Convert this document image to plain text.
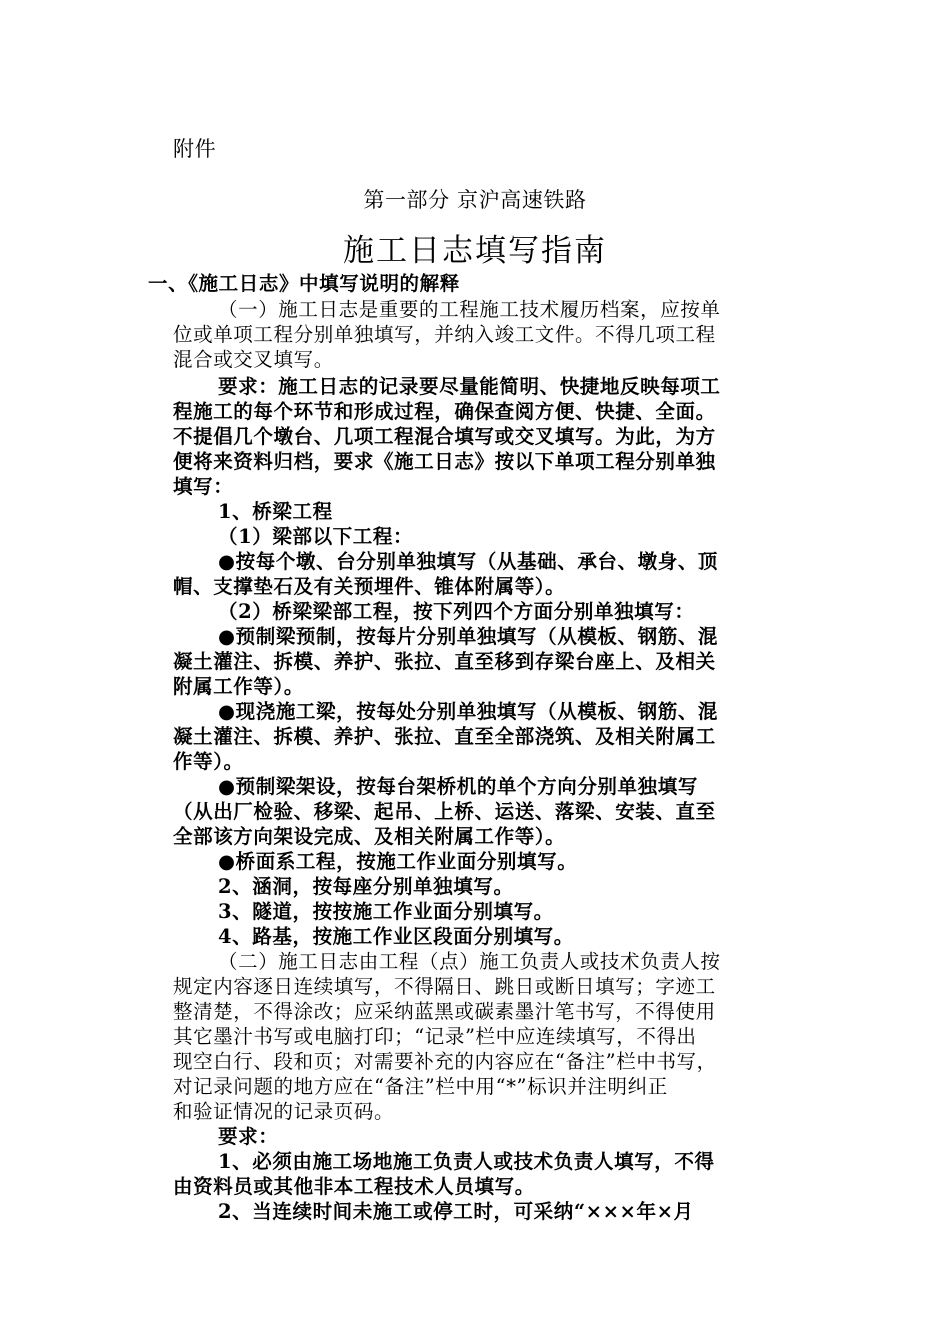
附件
第一部分 京沪高速铁路
施工日志填写指南
一、《施工日志》中填写说明的解释
（一）施工日志是重要的工程施工技术履历档案，应按单
位或单项工程分别单独填写，并纳入竣工文件。不得几项工程
混合或交叉填写。
要求：施工日志的记录要尽量能简明、快捷地反映每项工
程施工的每个环节和形成过程，确保查阅方便、快捷、全面。
不提倡几个墩台、几项工程混合填写或交叉填写。为此，为方
便将来资料归档，要求《施工日志》按以下单项工程分别单独
填写：
1、桥梁工程
（1）梁部以下工程：
●按每个墩、台分别单独填写（从基础、承台、墩身、顶
帽、支撑垫石及有关预埋件、锥体附属等）。
（2）桥梁梁部工程，按下列四个方面分别单独填写：
●预制梁预制，按每片分别单独填写（从模板、钢筋、混
凝土灌注、拆模、养护、张拉、直至移到存梁台座上、及相关
附属工作等）。
●现浇施工梁，按每处分别单独填写（从模板、钢筋、混
凝土灌注、拆模、养护、张拉、直至全部浇筑、及相关附属工
作等）。
●预制梁架设，按每台架桥机的单个方向分别单独填写
（从出厂检验、移梁、起吊、上桥、运送、落梁、安装、直至
全部该方向架设完成、及相关附属工作等）。
●桥面系工程，按施工作业面分别填写。
2、涵洞，按每座分别单独填写。
3、隧道，按按施工作业面分别填写。
4、路基，按施工作业区段面分别填写。
（二）施工日志由工程（点）施工负责人或技术负责人按
规定内容逐日连续填写，不得隔日、跳日或断日填写；字迹工
整清楚，不得涂改；应采纳蓝黑或碳素墨汁笔书写，不得使用
其它墨汁书写或电脑打印；“记录”栏中应连续填写，不得出
现空白行、段和页；对需要补充的内容应在“备注”栏中书写，
对记录问题的地方应在“备注”栏中用“*”标识并注明纠正
和验证情况的记录页码。
要求：
1、必须由施工场地施工负责人或技术负责人填写，不得
由资料员或其他非本工程技术人员填写。
2、当连续时间未施工或停工时，可采纳“×××年×月
